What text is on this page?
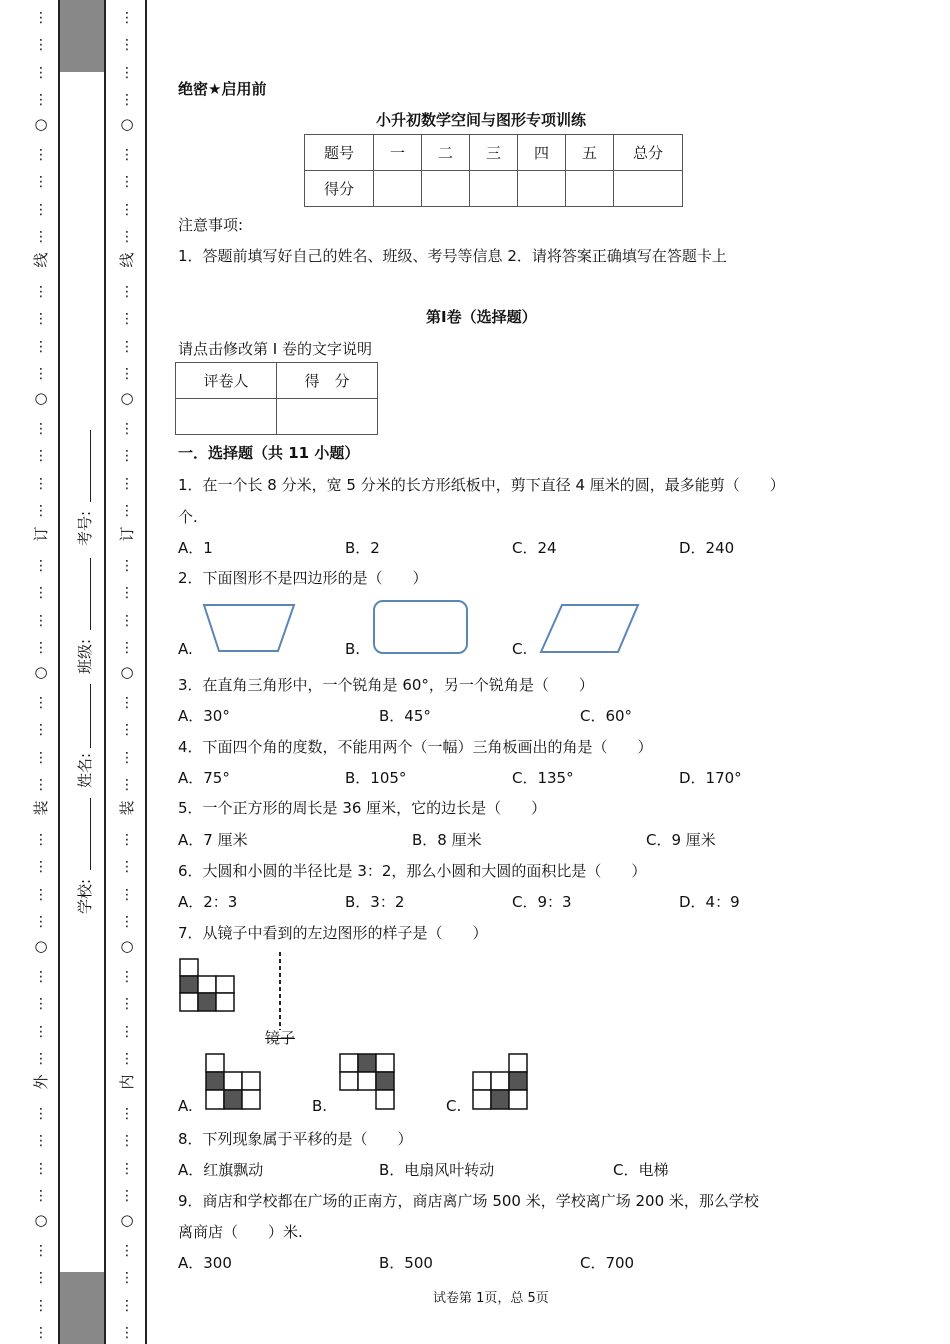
⋮
⋮
⋮
⋮
⋮
⋮
⋮
⋮
⋮
⋮
⋮
⋮
⋮
⋮
⋮
⋮
⋮
⋮
⋮
⋮
⋮
⋮
⋮
⋮
⋮
⋮
⋮
⋮
⋮
⋮
⋮
⋮
⋮
⋮
⋮
⋮
⋮
⋮
⋮
⋮
○
线
○
订
○
装
○
外
○
⋮
⋮
⋮
⋮
⋮
⋮
⋮
⋮
⋮
⋮
⋮
⋮
⋮
⋮
⋮
⋮
⋮
⋮
⋮
⋮
⋮
⋮
⋮
⋮
⋮
⋮
⋮
⋮
⋮
⋮
⋮
⋮
⋮
⋮
⋮
⋮
⋮
⋮
⋮
⋮
○
线
○
订
○
装
○
内
○
考号:
班级:
姓名:
学校:
绝密★启用前
小升初数学空间与图形专项训练
题号	一	二	三	四	五	总分
得分						
注意事项:
1．答题前填写好自己的姓名、班级、考号等信息 2．请将答案正确填写在答题卡上
第Ⅰ卷（选择题）
请点击修改第 I 卷的文字说明
评卷人	得　分

一．选择题（共 11 小题）
1．在一个长 8 分米，宽 5 分米的长方形纸板中，剪下直径 4 厘米的圆，最多能剪（　　）
个.
A．1	B．2	C．24	D．240
2．下面图形不是四边形的是（　　）
A.	B.	C.
3．在直角三角形中，一个锐角是 60°，另一个锐角是（　　）
A．30°	B．45°	C．60°
4．下面四个角的度数，不能用两个（一幅）三角板画出的角是（　　）
A．75°	B．105°	C．135°	D．170°
5．一个正方形的周长是 36 厘米，它的边长是（　　）
A．7 厘米	B．8 厘米	C．9 厘米
6．大圆和小圆的半径比是 3：2，那么小圆和大圆的面积比是（　　）
A．2：3	B．3：2	C．9：3	D．4：9
7．从镜子中看到的左边图形的样子是（　　）
镜子
A.	B.	C.
8．下列现象属于平移的是（　　）
A．红旗飘动	B．电扇风叶转动	C．电梯
9．商店和学校都在广场的正南方，商店离广场 500 米，学校离广场 200 米，那么学校
离商店（　　）米.
A．300	B．500	C．700
试卷第 1页，总 5页
